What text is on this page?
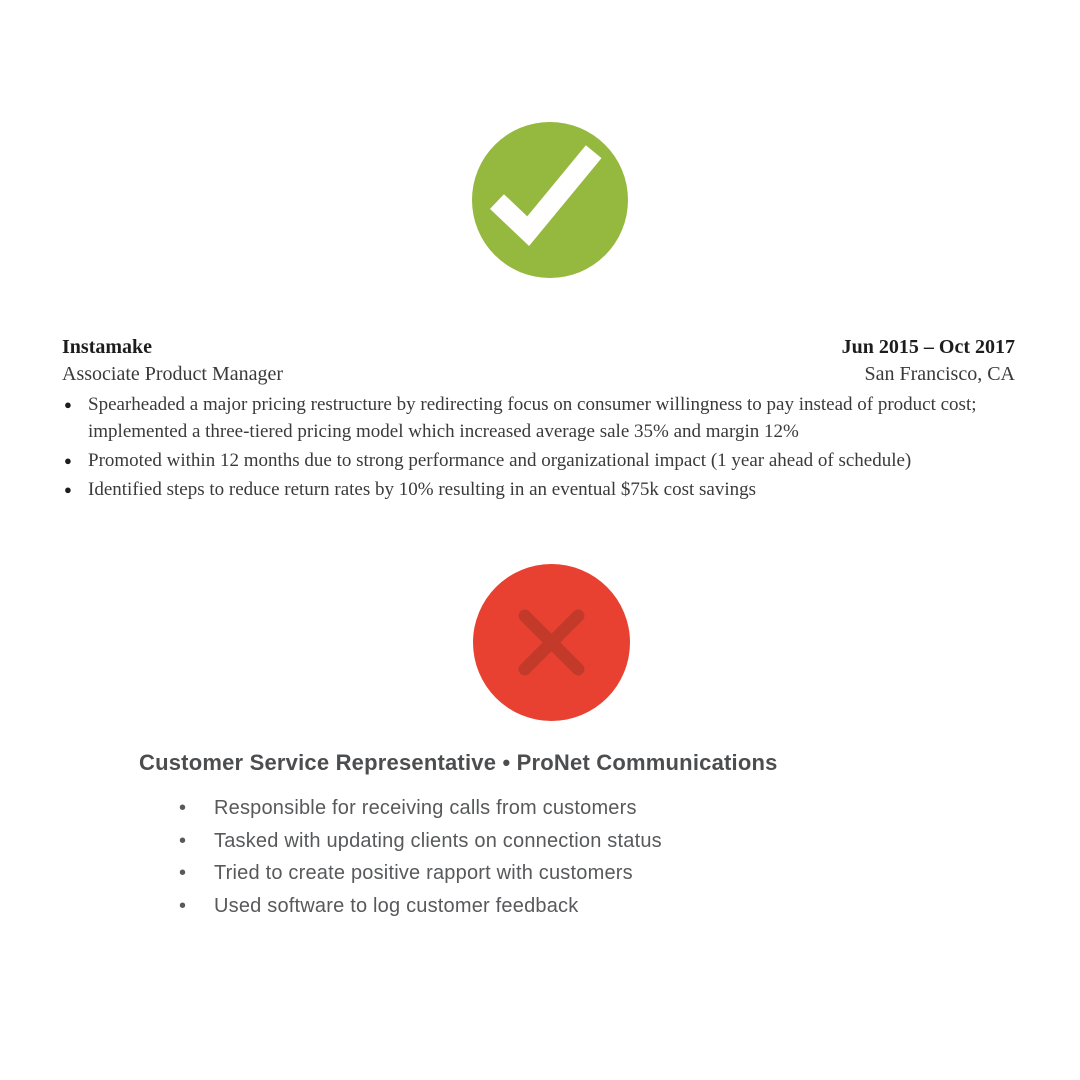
Instamake	Jun 2015 – Oct 2017
Associate Product Manager	San Francisco, CA
● Spearheaded a major pricing restructure by redirecting focus on consumer willingness to pay instead of product cost; implemented a three-tiered pricing model which increased average sale 35% and margin 12%
● Promoted within 12 months due to strong performance and organizational impact (1 year ahead of schedule)
● Identified steps to reduce return rates by 10% resulting in an eventual $75k cost savings
Customer Service Representative • ProNet Communications
• Responsible for receiving calls from customers
• Tasked with updating clients on connection status
• Tried to create positive rapport with customers
• Used software to log customer feedback
